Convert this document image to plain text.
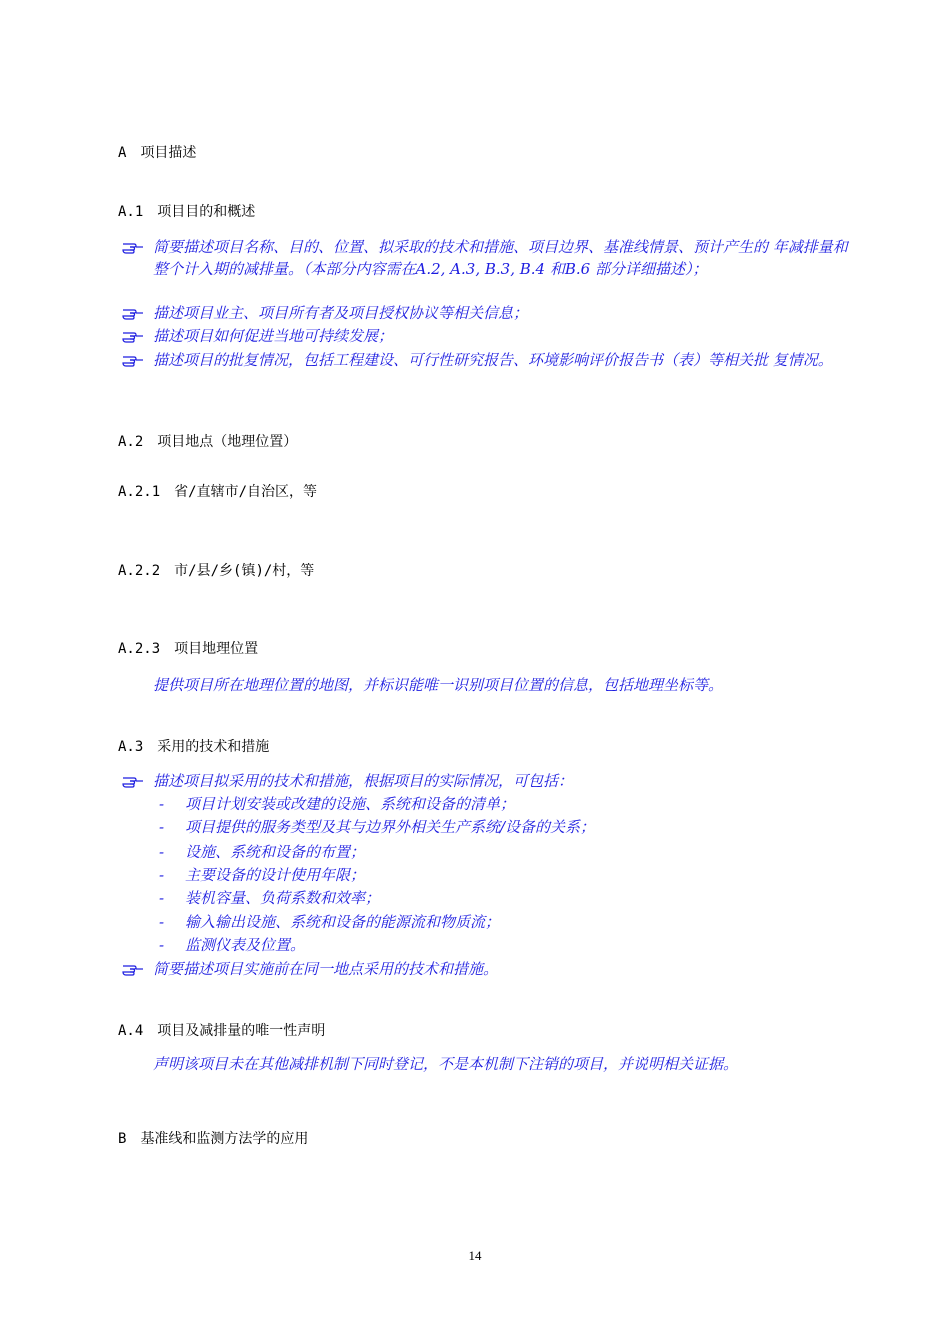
A 项目描述
A.1 项目目的和概述
简要描述项目名称、目的、位置、拟采取的技术和措施、项目边界、基准线情景、预计产生的 年减排量和整个计入期的减排量。（本部分内容需在A.2, A.3, B.3, B.4 和B.6 部分详细描述）；
描述项目业主、项目所有者及项目授权协议等相关信息；
描述项目如何促进当地可持续发展；
描述项目的批复情况，包括工程建设、可行性研究报告、环境影响评价报告书（表）等相关批 复情况。
A.2 项目地点（地理位置）
A.2.1 省/直辖市/自治区，等
A.2.2 市/县/乡(镇)/村，等
A.2.3 项目地理位置
提供项目所在地理位置的地图，并标识能唯一识别项目位置的信息，包括地理坐标等。
A.3 采用的技术和措施
描述项目拟采用的技术和措施，根据项目的实际情况，可包括：
- 项目计划安装或改建的设施、系统和设备的清单；
- 项目提供的服务类型及其与边界外相关生产系统/设备的关系；
- 设施、系统和设备的布置；
- 主要设备的设计使用年限；
- 装机容量、负荷系数和效率；
- 输入输出设施、系统和设备的能源流和物质流；
- 监测仪表及位置。
简要描述项目实施前在同一地点采用的技术和措施。
A.4 项目及减排量的唯一性声明
声明该项目未在其他减排机制下同时登记，不是本机制下注销的项目，并说明相关证据。
B 基准线和监测方法学的应用
14
